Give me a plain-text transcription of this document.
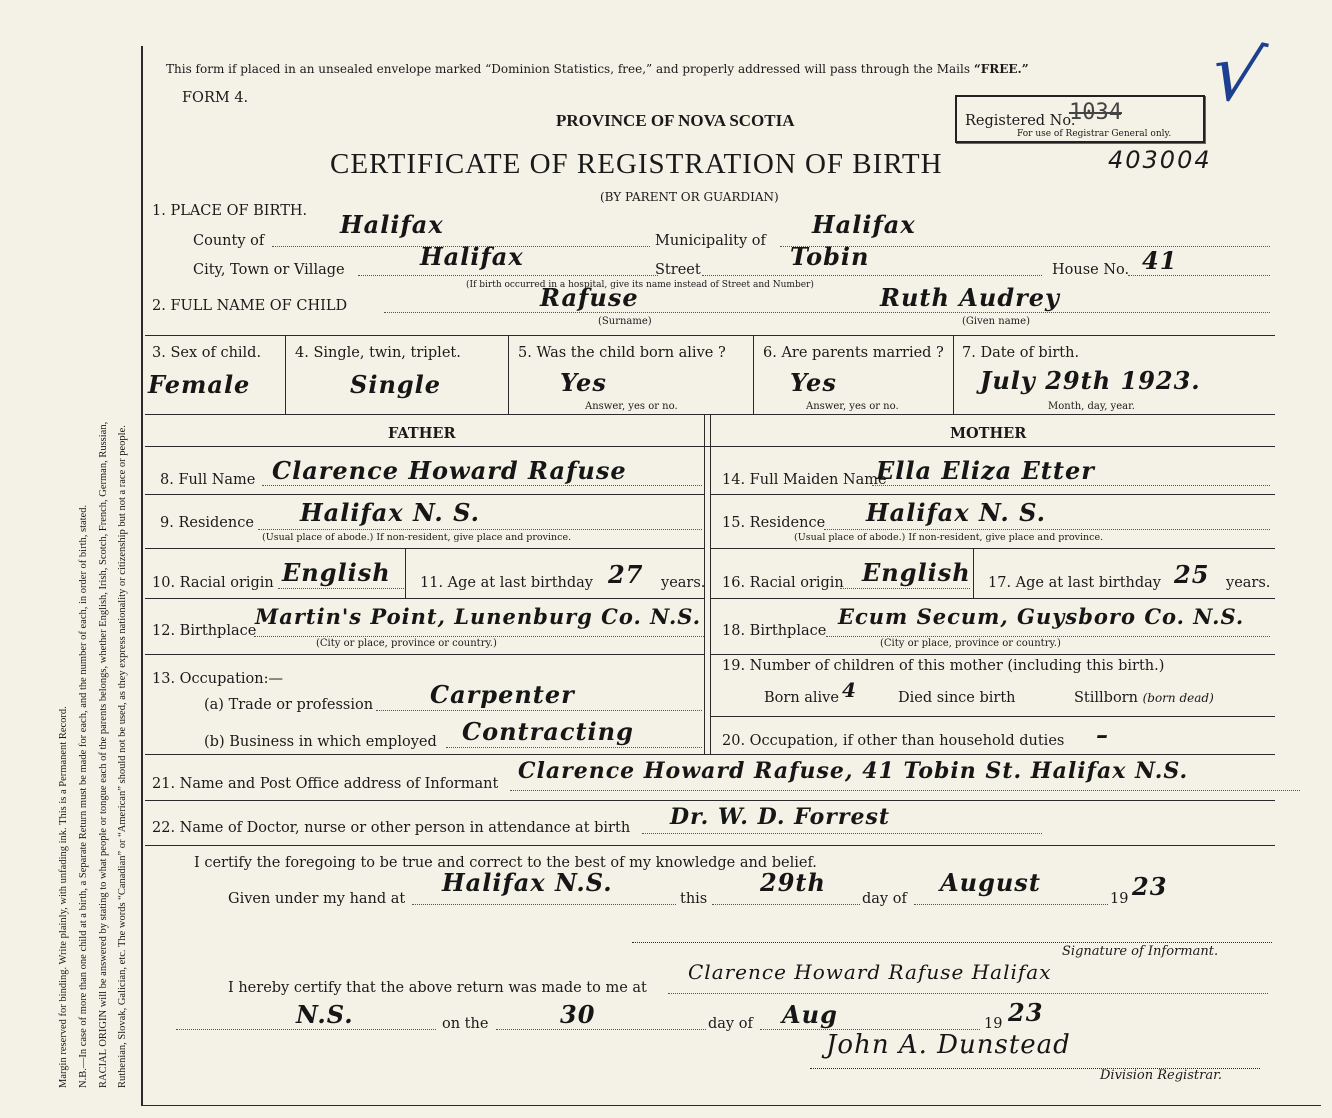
Margin reserved for binding. Write plainly, with unfading ink. This is a Permanent Record. N.B.—In case of more than one child at a birth, a Separate Return must be made for each, and the number of each, in order of birth, stated. RACIAL ORIGIN will be answered by stating to what people or tongue each of the parents belongs, whether English, Irish, Scotch, French, German, Russian, Ruthenian, Slovak, Galician, etc. The words “Canadian” or “American” should not be used, as they express nationality or citizenship but not a race or people.
This form if placed in an unsealed envelope marked “Dominion Statistics, free,” and properly addressed will pass through the Mails “FREE.”
FORM 4.
PROVINCE OF NOVA SCOTIA	Registered No.
1034
For use of Registrar General only.
CERTIFICATE OF REGISTRATION OF BIRTH	403004
√
(BY PARENT OR GUARDIAN)
1. PLACE OF BIRTH.
County of
Halifax
Municipality of
Halifax
City, Town or Village	Halifax	Street	Tobin	House No. 41
(If birth occurred in a hospital, give its name instead of Street and Number)
2. FULL NAME OF CHILD	Rafuse
(Surname)
Ruth Audrey
(Given name)
3. Sex of child.
Female
4. Single, twin, triplet.
Single
5. Was the child born alive ?
Yes
Answer, yes or no.
6. Are parents married ?
Yes
Answer, yes or no.
7. Date of birth.
July 29th 1923.
Month, day, year.
FATHER	MOTHER
8. Full Name Clarence Howard Rafuse
9. Residence Halifax N. S.
(Usual place of abode.) If non-resident, give place and province.
10. Racial origin English 11. Age at last birthday 27 years.
12. Birthplace
Martin's Point, Lunenburg Co. N.S.
(City or place, province or country.)
13. Occupation:—
(a) Trade or profession Carpenter
(b) Business in which employed Contracting
14. Full Maiden Name
Ella Eliza Etter
15. Residence Halifax N. S.
(Usual place of abode.) If non-resident, give place and province.
16. Racial origin English 17. Age at last birthday 25 years.
18. Birthplace
Ecum Secum, Guysboro Co. N.S.
(City or place, province or country.)
19. Number of children of this mother (including this birth.)
Born alive 4	Died since birth	Stillborn (born dead)
20. Occupation, if other than household duties –
21. Name and Post Office address of Informant Clarence Howard Rafuse, 41 Tobin St. Halifax N.S.
22. Name of Doctor, nurse or other person in attendance at birth Dr. W. D. Forrest
I certify the foregoing to be true and correct to the best of my knowledge and belief.
Given under my hand at
Halifax N.S.
this
29th
day of
August
19 23
Signature of Informant.
I hereby certify that the above return was made to me at
Clarence Howard Rafuse Halifax
N.S.	on the	30	day of Aug	19 23
John A. Dunstead
Division Registrar.
